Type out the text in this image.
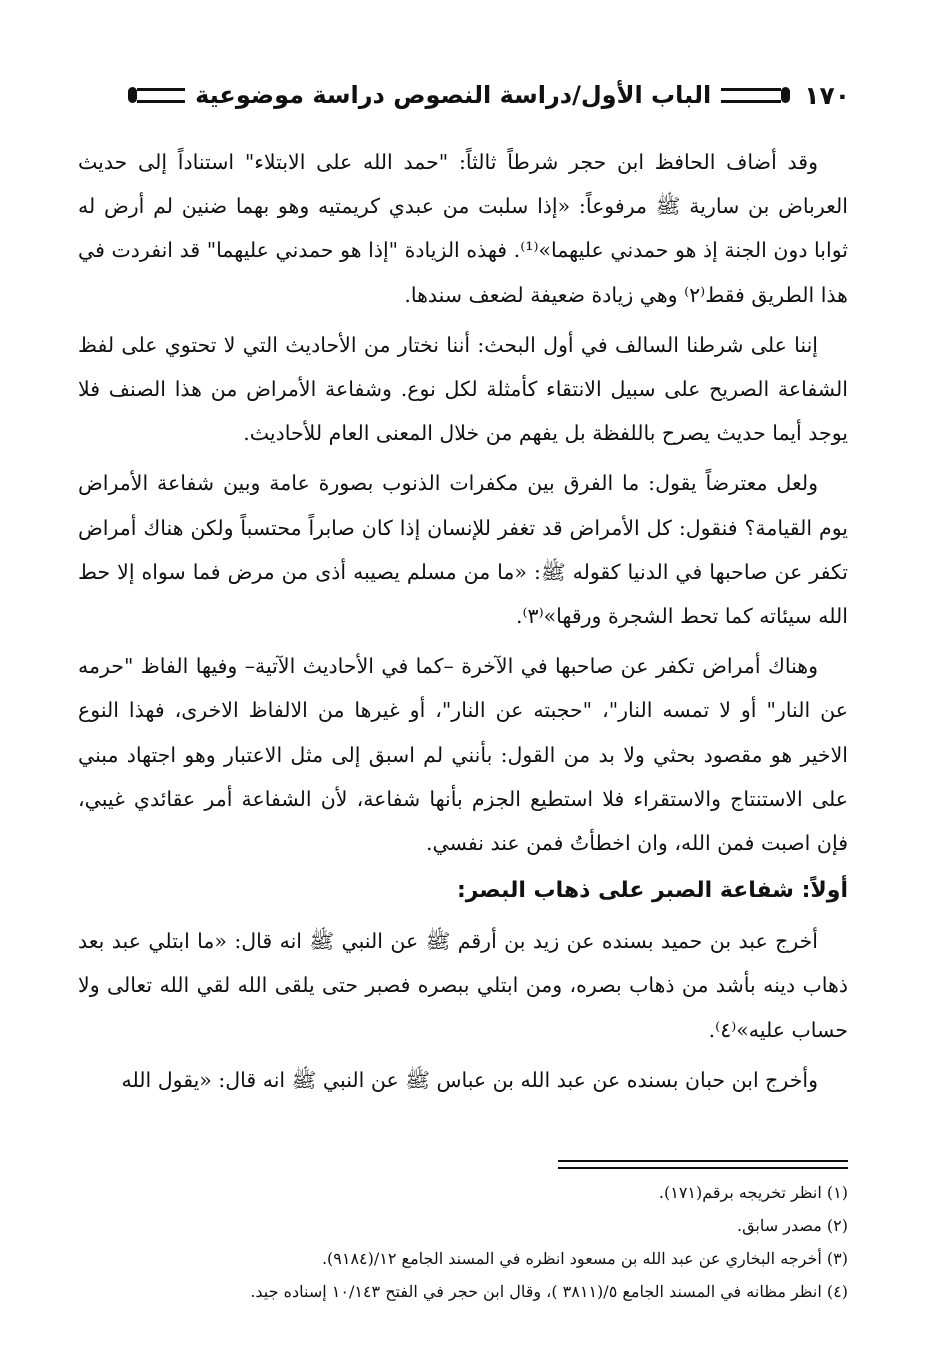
١٧٠
الباب الأول/دراسة النصوص دراسة موضوعية

وقد أضاف الحافظ ابن حجر شرطاً ثالثاً: "حمد الله على الابتلاء" استناداً إلى حديث العرباض بن سارية ﷺ مرفوعاً: «إذا سلبت من عبدي كريمتيه وهو بهما ضنين لم أرض له ثوابا دون الجنة إذ هو حمدني عليهما»⁽¹⁾. فهذه الزيادة "إذا هو حمدني عليهما" قد انفردت في هذا الطريق فقط⁽٢⁾ وهي زيادة ضعيفة لضعف سندها.

إننا على شرطنا السالف في أول البحث: أننا نختار من الأحاديث التي لا تحتوي على لفظ الشفاعة الصريح على سبيل الانتقاء كأمثلة لكل نوع. وشفاعة الأمراض من هذا الصنف فلا يوجد أيما حديث يصرح باللفظة بل يفهم من خلال المعنى العام للأحاديث.

ولعل معترضاً يقول: ما الفرق بين مكفرات الذنوب بصورة عامة وبين شفاعة الأمراض يوم القيامة؟ فنقول: كل الأمراض قد تغفر للإنسان إذا كان صابراً محتسباً ولكن هناك أمراض تكفر عن صاحبها في الدنيا كقوله ﷺ: «ما من مسلم يصيبه أذى من مرض فما سواه إلا حط الله سيئاته كما تحط الشجرة ورقها»⁽٣⁾.

وهناك أمراض تكفر عن صاحبها في الآخرة –كما في الأحاديث الآتية– وفيها الفاظ "حرمه عن النار" أو لا تمسه النار"، "حجبته عن النار"، أو غيرها من الالفاظ الاخرى، فهذا النوع الاخير هو مقصود بحثي ولا بد من القول: بأنني لم اسبق إلى مثل الاعتبار وهو اجتهاد مبني على الاستنتاج والاستقراء فلا استطيع الجزم بأنها شفاعة، لأن الشفاعة أمر عقائدي غيبي، فإن اصبت فمن الله، وان اخطأتُ فمن عند نفسي.

أولاً: شفاعة الصبر على ذهاب البصر:

أخرج عبد بن حميد بسنده عن زيد بن أرقم ﷺ عن النبي ﷺ انه قال: «ما ابتلي عبد بعد ذهاب دينه بأشد من ذهاب بصره، ومن ابتلي ببصره فصبر حتى يلقى الله لقي الله تعالى ولا حساب عليه»⁽٤⁾.

وأخرج ابن حبان بسنده عن عبد الله بن عباس ﷺ عن النبي ﷺ انه قال: «يقول الله

(١) انظر تخريجه برقم(١٧١).
(٢) مصدر سابق.
(٣) أخرجه البخاري عن عبد الله بن مسعود انظره في المسند الجامع ١٢/(٩١٨٤).
(٤) انظر مظانه في المسند الجامع ٥/(٣٨١١ )، وقال ابن حجر في الفتح ١٠/١٤٣ إسناده جيد.
